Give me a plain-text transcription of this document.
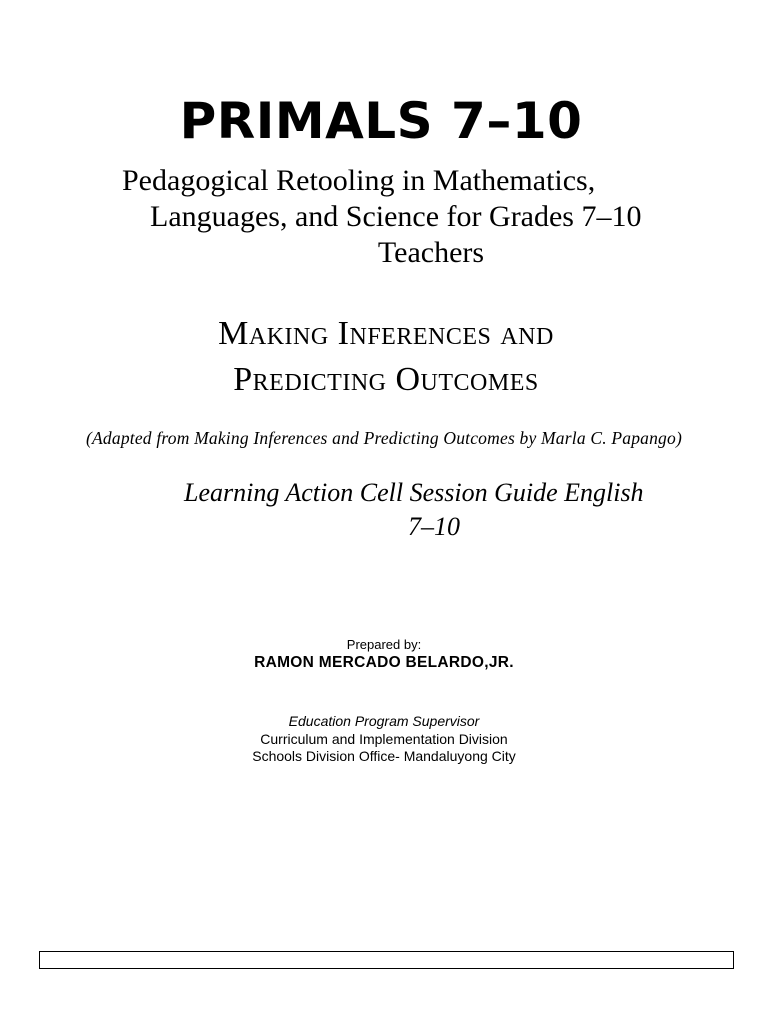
PRIMALS 7–10
Pedagogical Retooling in Mathematics,
Languages, and Science for Grades 7–10
Teachers
Making Inferences and
Predicting Outcomes
(Adapted from Making Inferences and Predicting Outcomes by Marla C. Papango)
Learning Action Cell Session Guide English
7–10
Prepared by:
RAMON MERCADO BELARDO,JR.
Education Program Supervisor
Curriculum and Implementation Division
Schools Division Office- Mandaluyong City
